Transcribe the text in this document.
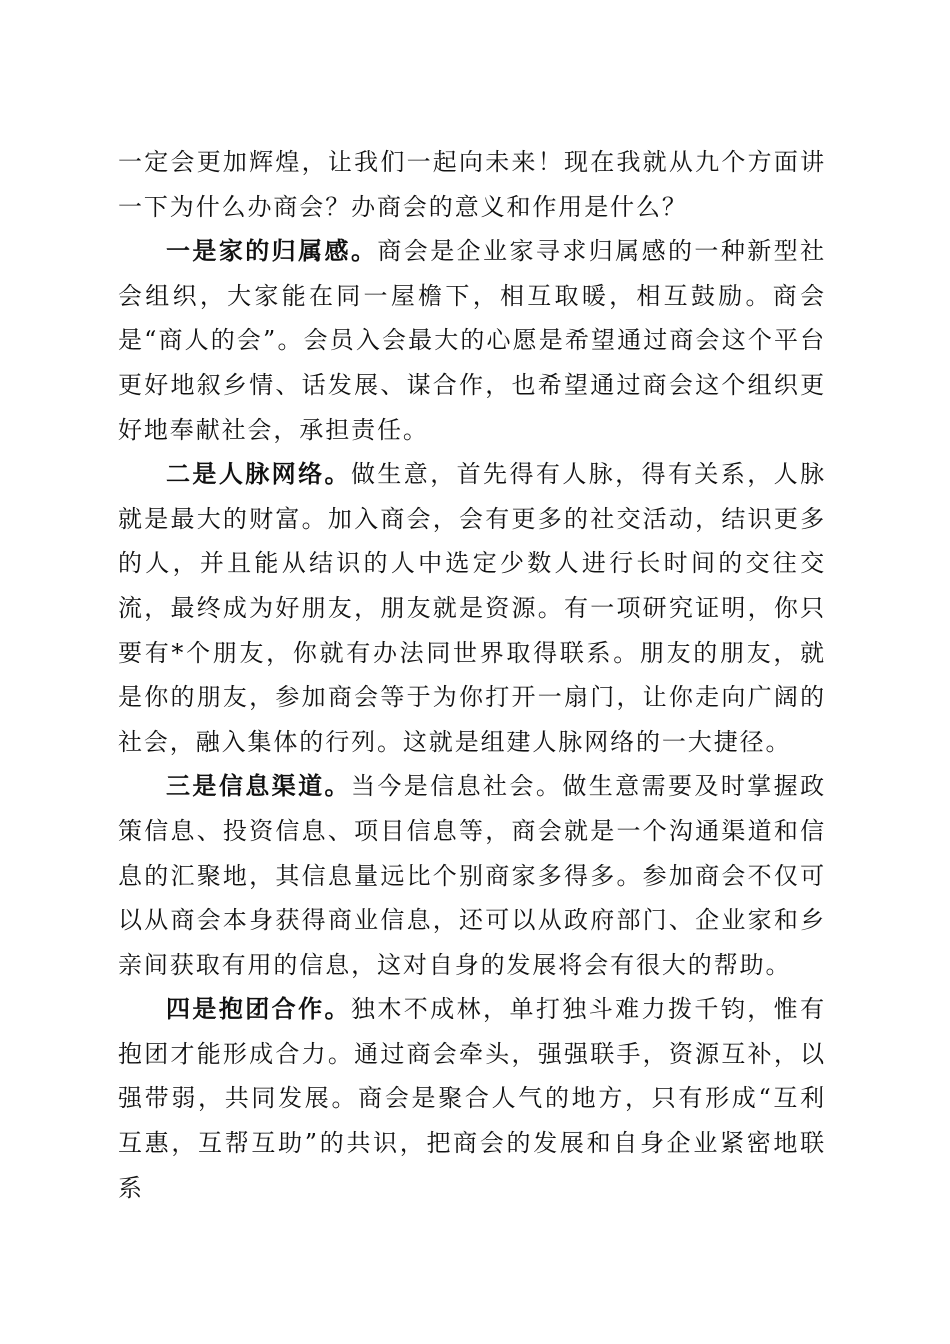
一定会更加辉煌，让我们一起向未来！现在我就从九个方面讲一下为什么办商会？办商会的意义和作用是什么？

一是家的归属感。商会是企业家寻求归属感的一种新型社会组织，大家能在同一屋檐下，相互取暖，相互鼓励。商会是“商人的会”。会员入会最大的心愿是希望通过商会这个平台更好地叙乡情、话发展、谋合作，也希望通过商会这个组织更好地奉献社会，承担责任。

二是人脉网络。做生意，首先得有人脉，得有关系，人脉就是最大的财富。加入商会，会有更多的社交活动，结识更多的人，并且能从结识的人中选定少数人进行长时间的交往交流，最终成为好朋友，朋友就是资源。有一项研究证明，你只要有*个朋友，你就有办法同世界取得联系。朋友的朋友，就是你的朋友，参加商会等于为你打开一扇门，让你走向广阔的社会，融入集体的行列。这就是组建人脉网络的一大捷径。

三是信息渠道。当今是信息社会。做生意需要及时掌握政策信息、投资信息、项目信息等，商会就是一个沟通渠道和信息的汇聚地，其信息量远比个别商家多得多。参加商会不仅可以从商会本身获得商业信息，还可以从政府部门、企业家和乡亲间获取有用的信息，这对自身的发展将会有很大的帮助。

四是抱团合作。独木不成林，单打独斗难力拨千钧，惟有抱团才能形成合力。通过商会牵头，强强联手，资源互补，以强带弱，共同发展。商会是聚合人气的地方，只有形成“互利互惠，互帮互助”的共识，把商会的发展和自身企业紧密地联系
